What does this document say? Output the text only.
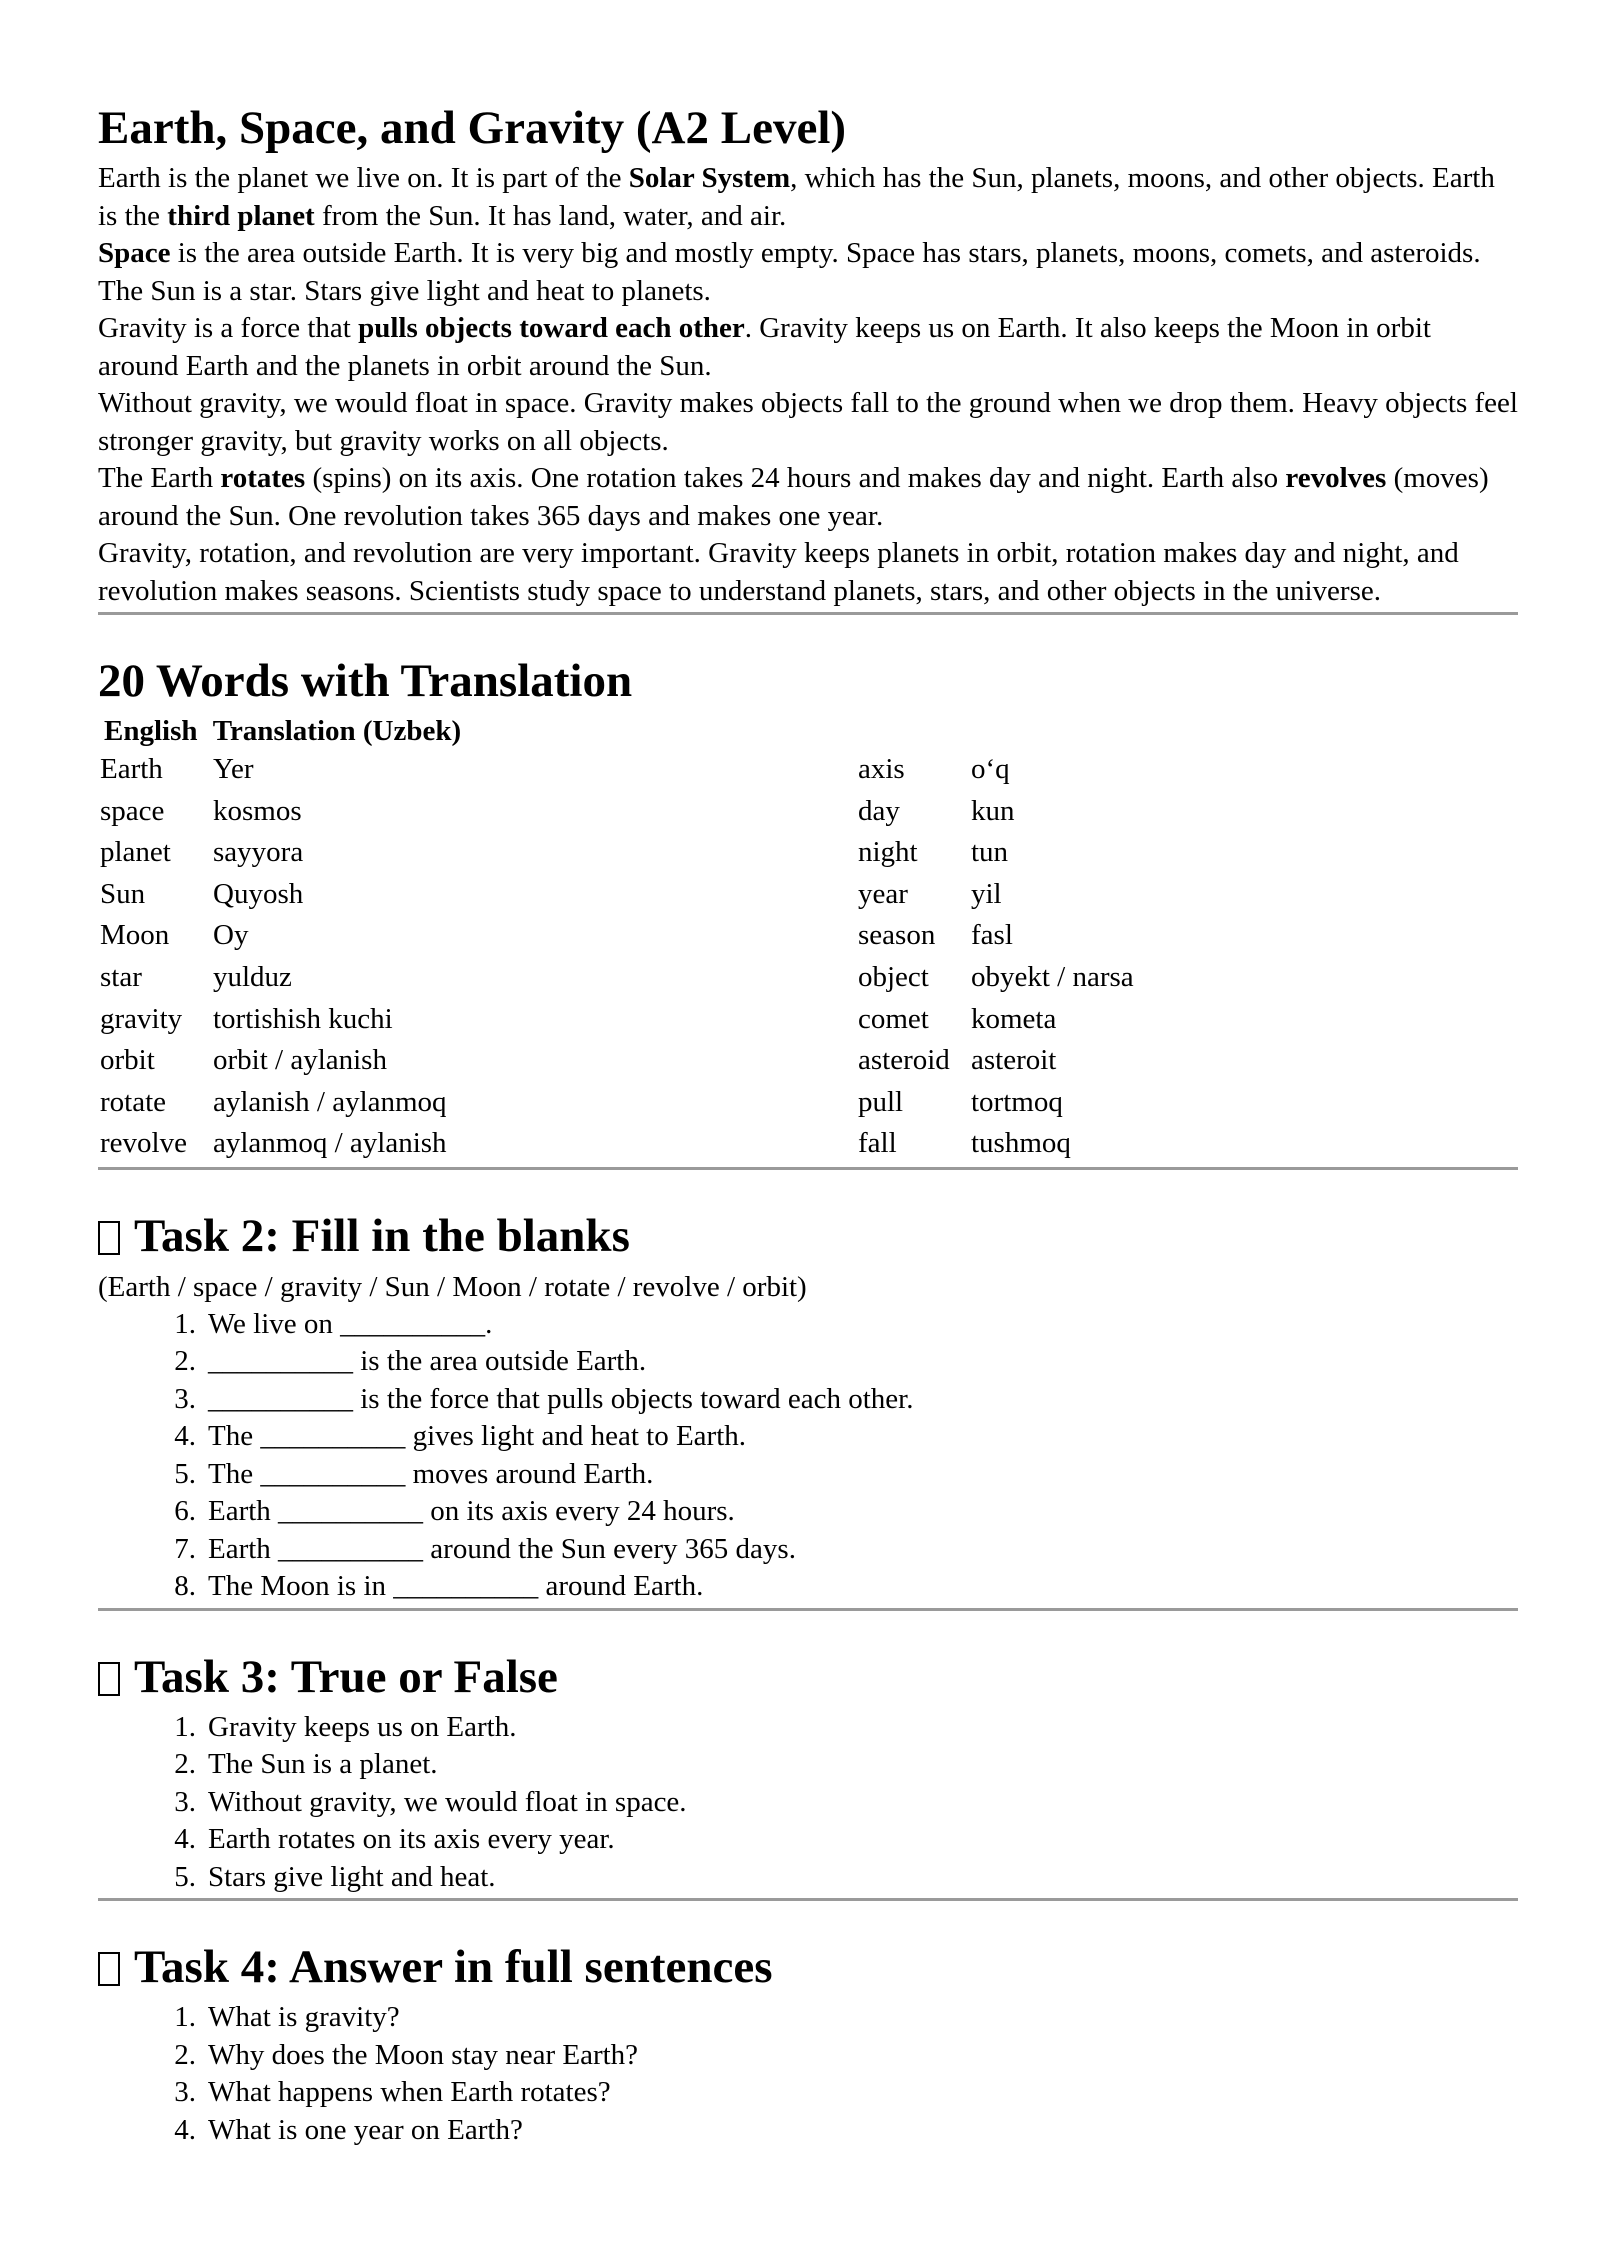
Earth, Space, and Gravity (A2 Level)

Earth is the planet we live on. It is part of the Solar System, which has the Sun, planets, moons, and other objects. Earth is the third planet from the Sun. It has land, water, and air.

Space is the area outside Earth. It is very big and mostly empty. Space has stars, planets, moons, comets, and asteroids. The Sun is a star. Stars give light and heat to planets.

Gravity is a force that pulls objects toward each other. Gravity keeps us on Earth. It also keeps the Moon in orbit around Earth and the planets in orbit around the Sun.

Without gravity, we would float in space. Gravity makes objects fall to the ground when we drop them. Heavy objects feel stronger gravity, but gravity works on all objects.

The Earth rotates (spins) on its axis. One rotation takes 24 hours and makes day and night. Earth also revolves (moves) around the Sun. One revolution takes 365 days and makes one year.

Gravity, rotation, and revolution are very important. Gravity keeps planets in orbit, rotation makes day and night, and revolution makes seasons. Scientists study space to understand planets, stars, and other objects in the universe.

20 Words with Translation
English Translation (Uzbek)
Earth	Yer	axis	o‘q
space	kosmos	day	kun
planet	sayyora	night	tun
Sun	Quyosh	year	yil
Moon	Oy	season	fasl
star	yulduz	object	obyekt / narsa
gravity	tortishish kuchi	comet	kometa
orbit	orbit / aylanish	asteroid asteroit
rotate	aylanish / aylanmoq	pull	tortmoq
revolve aylanmoq / aylanish	fall	tushmoq
Task 2: Fill in the blanks

(Earth / space / gravity / Sun / Moon / rotate / revolve / orbit)

1. We live on __________.
2. __________ is the area outside Earth.
3. __________ is the force that pulls objects toward each other.
4. The __________ gives light and heat to Earth.
5. The __________ moves around Earth.
6. Earth __________ on its axis every 24 hours.
7. Earth __________ around the Sun every 365 days.
8. The Moon is in __________ around Earth.
Task 3: True or False
1. Gravity keeps us on Earth.
2. The Sun is a planet.
3. Without gravity, we would float in space.
4. Earth rotates on its axis every year.
5. Stars give light and heat.
Task 4: Answer in full sentences
1. What is gravity?
2. Why does the Moon stay near Earth?
3. What happens when Earth rotates?
4. What is one year on Earth?
